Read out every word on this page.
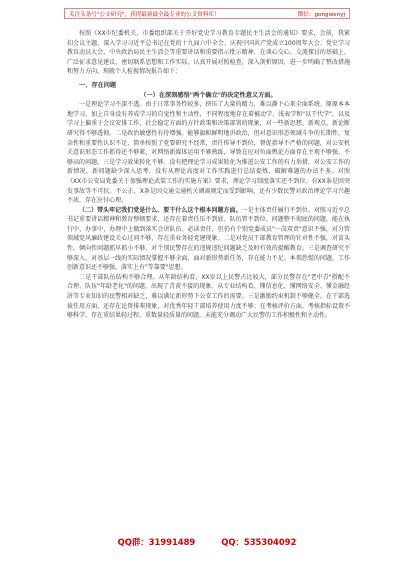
关注头条号"公文研究"，获得最新最全最专业的公文资料库！	微信：gongwenyj

按照《XX市纪委机关、市委组织部关于开好党史学习教育专题民主生活会的通知》要求，会前，我紧扣会议主题，深入学习习近平总书记在党的十九届六中全会、庆祝中国共产党成立100周年大会、党史学习教育动员大会、中央政治局民主生活会等重要讲话和重要指示批示精神，在谈心交心、交流探讨的基础上，广泛征求意见建议，密切联系思想和工作实际，认真开展对照检查，深入剖析原因，进一步明确了整改措施和努力方向。现就个人检视情况报告如下：

一、存在问题

（一）在深刻感悟"两个确立"的决定性意义方面。

一是理论学习不深不透。由于日常事务性较多，挤压了大量的精力，难以静下心来全面系统、原原本本地学习，加上自身没有养成学习的自觉性和主动性，不同程度地存在着被动学、浅表学和"以干代学"，以及学习上偏重于会议安排工作、社会稳定方面的方针政策和决策部署的现象，对一些新思想、新观点、新论断研究得不够透彻。二是政治敏感性有待增强。能够旗帜鲜明地讲政治，但对意识形态领域斗争的长期性、复杂性和重要性认识不足，简单按照了党要研究不经常，责任传导不到位，督促指导不严格的问题，对公安机关意识形态工作抓得还不够紧，对网络新媒体运用不够熟练，导致在应对负面舆论方面存在主观不够强、不够高的问题。三是学习效果转化不够。没有把理论学习成果转化为推进公安工作的有力举措，对公安工作的新情况、新问题缺少深入思考，没有从理论高度对工作实践进行总结提炼，破解难题的办法不多。对照《XX市公安局党委关于加强理论武装工作的实施方案》要求，理论学习制度落实还不到位。有XX条是因突发事故等不可抗、不公正，X条是因交通交通机关调离规定而受到影响，还有少数民警对政治理论学习兴趣不浓，存在应付心理。

（二）带头牢记我们党是什么、要干什么这个根本问题方面。一是主体责任履行不到位。对照习近平总书记重要讲话精神和教育整顿要求，还存在着责任压不到底、队伍管不到位、问题整不彻底的问题，能在执行中、办事中、办理中上做到落实会讲队伍、必读责任，但仍有个别党委成员"一岗双责"意识不强，对分管领域党风廉政建设关心过问不够，存在重业务轻党建现象。二是对党员干部教育管理的针对性不强，对苗头性、倾向性问题抓早抓小不够，对个别民警存在的违规违纪问题缺乏及时有效的提醒教育。三是调查研究不够深入，对基层一线的实际情况掌握不够全面，面对新形势新任务，存在能力不足、本领恐慌的问题，工作创新意识还不够强，落实上有"等靠要"思想。

二是干部队伍结构不够合理。从年龄结构看，XX岁以上民警占比较大，部分民警存在"老中青"搭配不合理、队伍"年龄老化"的问题，出现了青黄不接的现象。从专业结构看，懂信息化、懂网络安全、懂金融经济等专业知识的民警相对缺乏，难以满足新形势下公安工作的需要。三是激励约束机制不够健全。在干部选拔任用方面，还存在论资排辈现象，对优秀年轻干部培养使用力度不够；在考核评价方面，考核指标设置不够科学，存在重结果轻过程、重数量轻质量的问题，未能充分调动广大民警的工作积极性和主动性。

QQ群：31991489	QQ：535304092
